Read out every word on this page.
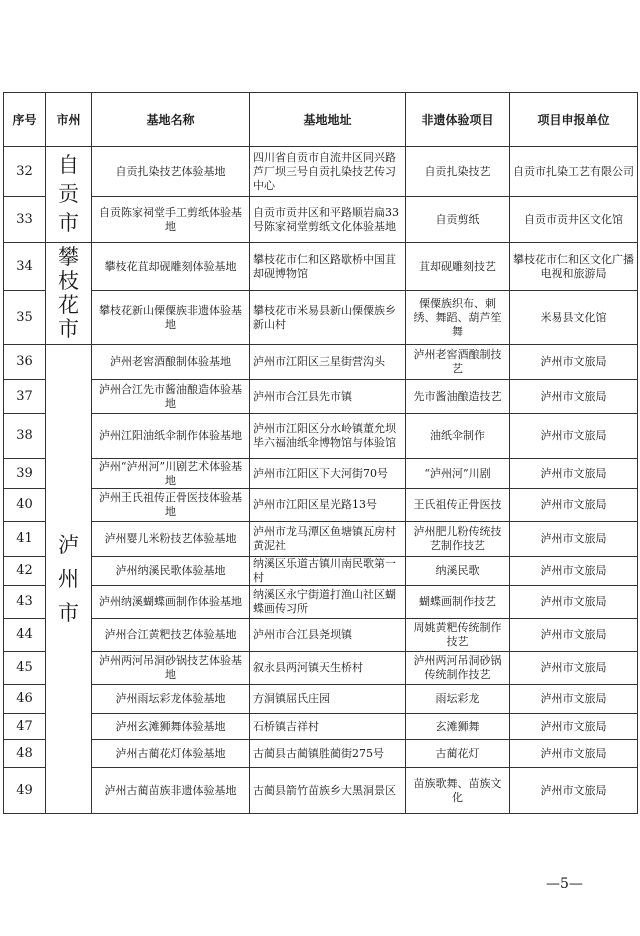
序号	市州	基地名称	基地地址	非遗体验项目	项目申报单位
32	自贡市	自贡扎染技艺体验基地	四川省自贡市自流井区同兴路芦厂坝三号自贡扎染技艺传习中心	自贡扎染技艺	自贡市扎染工艺有限公司
33		自贡陈家祠堂手工剪纸体验基地	自贡市贡井区和平路顺岩扁33号陈家祠堂剪纸文化体验基地	自贡剪纸	自贡市贡井区文化馆
34	攀枝花市	攀枝花苴却砚雕刻体验基地	攀枝花市仁和区路歇桥中国苴却砚博物馆	苴却砚雕刻技艺	攀枝花市仁和区文化广播电视和旅游局
35		攀枝花新山傈僳族非遗体验基地	攀枝花市米易县新山傈僳族乡新山村	傈僳族织布、刺绣、舞蹈、葫芦笙舞	米易县文化馆
36	泸州市	泸州老窖酒酿制体验基地	泸州市江阳区三星街营沟头	泸州老窖酒酿制技艺	泸州市文旅局
37		泸州合江先市酱油酿造体验基地	泸州市合江县先市镇	先市酱油酿造技艺	泸州市文旅局
38		泸州江阳油纸伞制作体验基地	泸州市江阳区分水岭镇董允坝毕六福油纸伞博物馆与体验馆	油纸伞制作	泸州市文旅局
39		泸州“泸州河”川剧艺术体验基地	泸州市江阳区下大河街70号	“泸州河”川剧	泸州市文旅局
40		泸州王氏祖传正骨医技体验基地	泸州市江阳区星光路13号	王氏祖传正骨医技	泸州市文旅局
41		泸州婴儿米粉技艺体验基地	泸州市龙马潭区鱼塘镇瓦房村黄泥社	泸州肥儿粉传统技艺制作技艺	泸州市文旅局
42		泸州纳溪民歌体验基地	纳溪区乐道古镇川南民歌第一村	纳溪民歌	泸州市文旅局
43		泸州纳溪蝴蝶画制作体验基地	纳溪区永宁街道打渔山社区蝴蝶画传习所	蝴蝶画制作技艺	泸州市文旅局
44		泸州合江黄粑技艺体验基地	泸州市合江县尧坝镇	周姚黄粑传统制作技艺	泸州市文旅局
45		泸州两河吊洞砂锅技艺体验基地	叙永县两河镇天生桥村	泸州两河吊洞砂锅传统制作技艺	泸州市文旅局
46		泸州雨坛彩龙体验基地	方洞镇屈氏庄园	雨坛彩龙	泸州市文旅局
47		泸州玄滩狮舞体验基地	石桥镇吉祥村	玄滩狮舞	泸州市文旅局
48		泸州古蔺花灯体验基地	古蔺县古蔺镇胜蔺街275号	古蔺花灯	泸州市文旅局
49		泸州古蔺苗族非遗体验基地	古蔺县箭竹苗族乡大黑洞景区	苗族歌舞、苗族文化	泸州市文旅局
—5—
